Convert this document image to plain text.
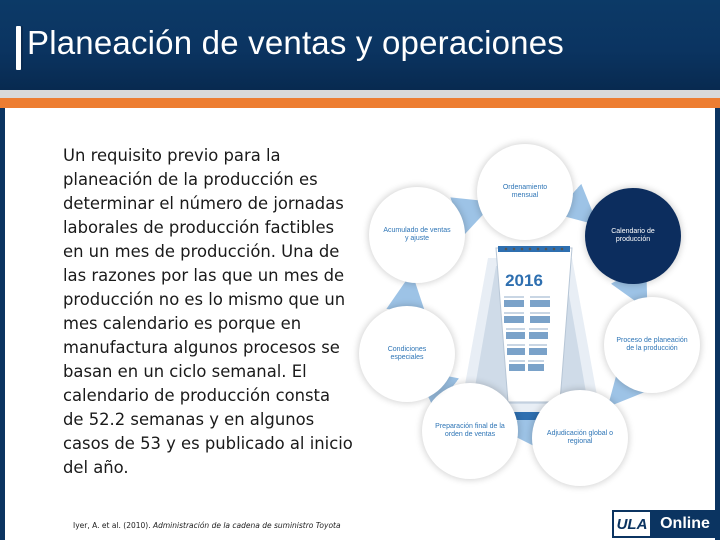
Planeación de ventas y operaciones

Un requisito previo para la planeación de la producción es determinar el número de jornadas laborales de producción factibles en un mes de producción. Una de las razones por las que un mes de producción no es lo mismo que un mes calendario es porque en manufactura algunos procesos se basan en un ciclo semanal. El calendario de producción consta de 52.2 semanas y en algunos casos de 53 y es publicado al inicio del año.

Iyer, A. et al. (2010). Administración de la cadena de suministro Toyota

2016
Ordenamiento mensual
Calendario de producción
Proceso de planeación de la producción
Adjudicación global o regional
Preparación final de la orden de ventas
Condiciones especiales
Acumulado de ventas y ajuste
ULA Online
